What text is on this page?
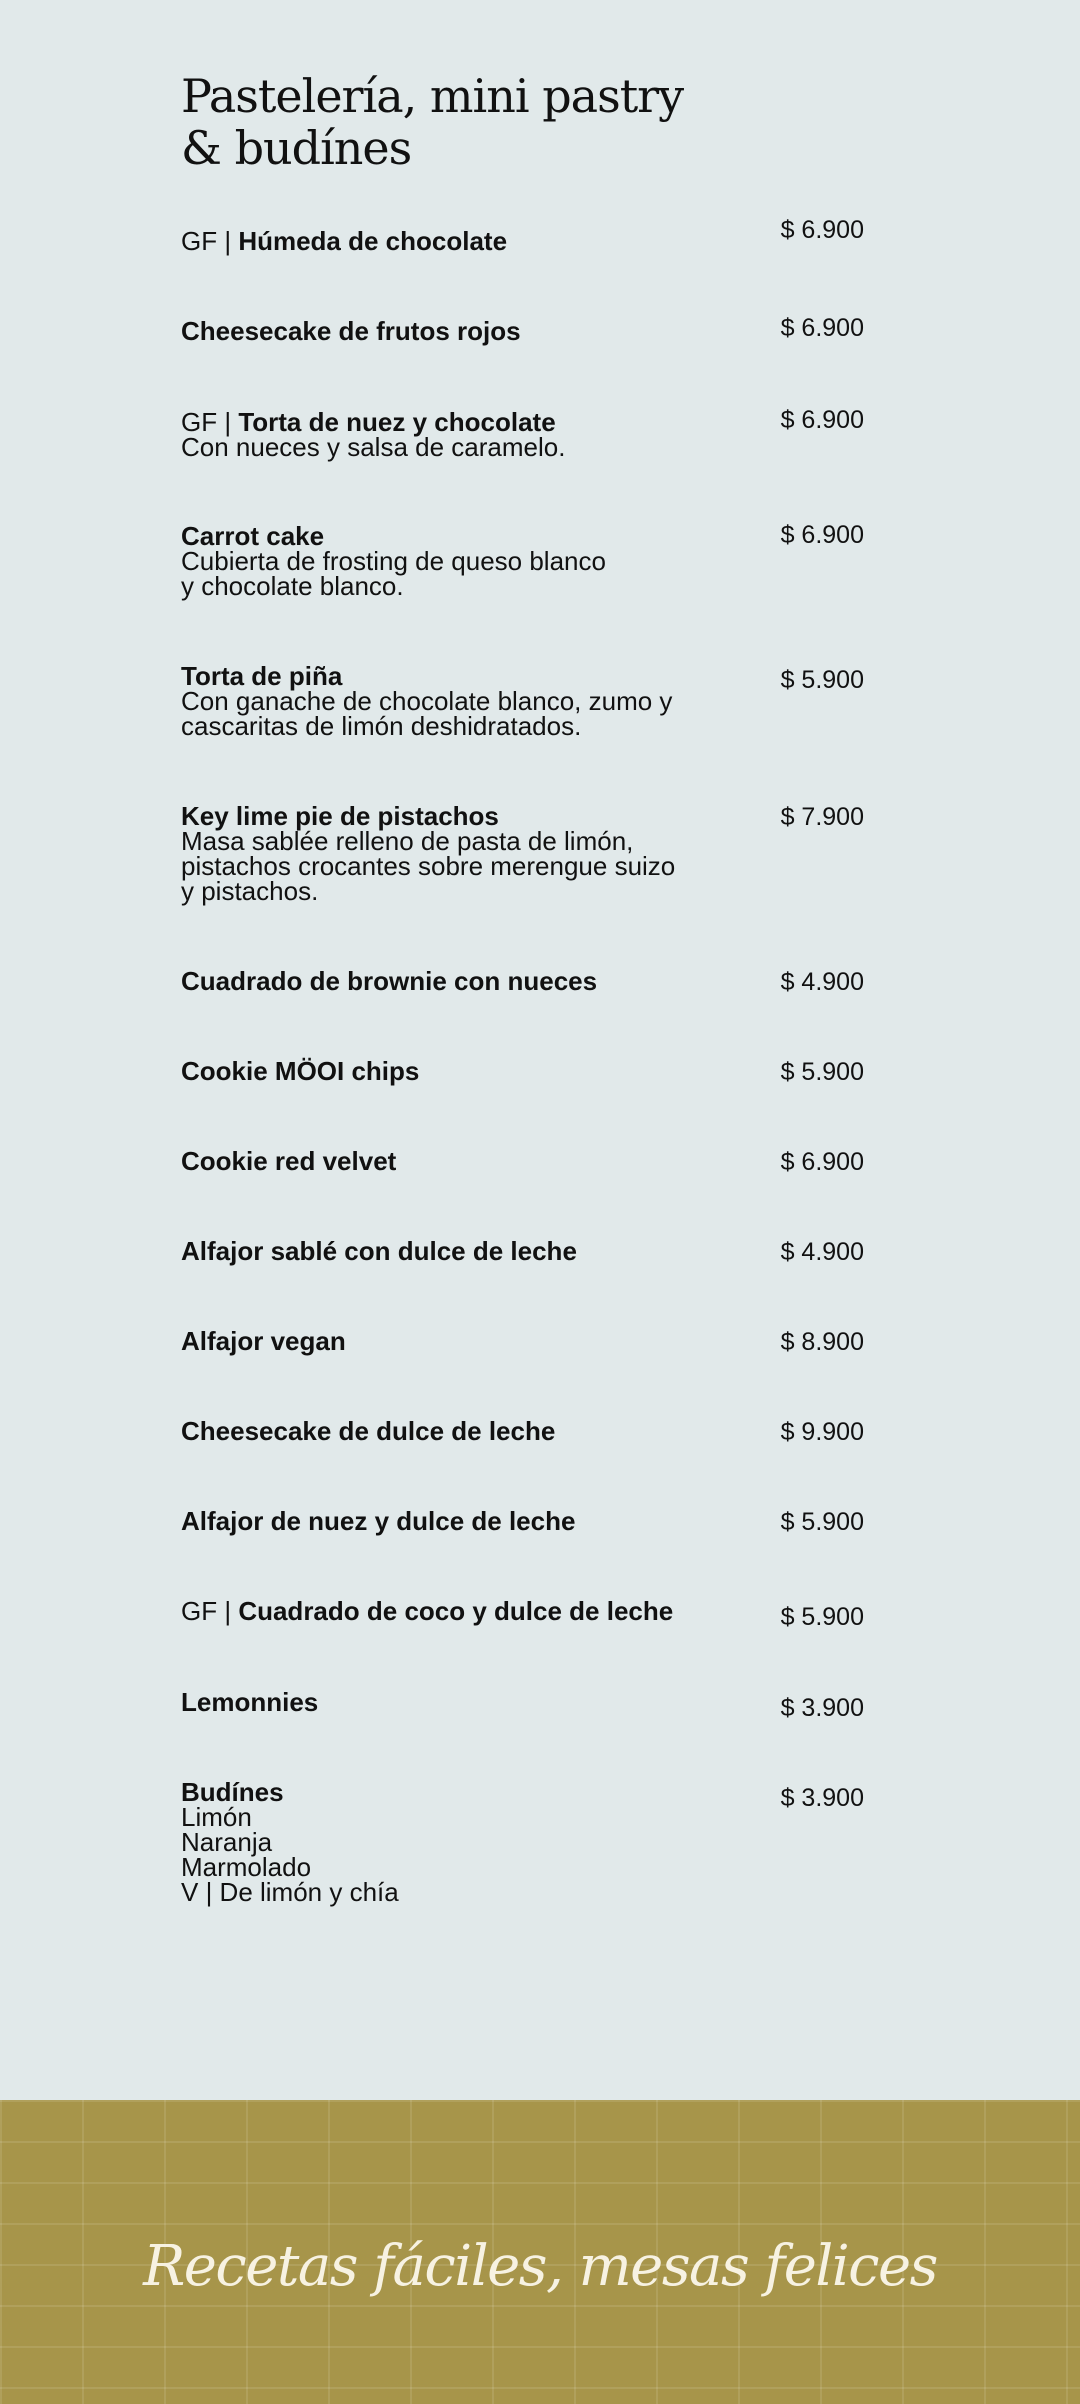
Pastelería, mini pastry
& budínes
GF | Húmeda de chocolate	$ 6.900
Cheesecake de frutos rojos	$ 6.900
GF | Torta de nuez y chocolate
Con nueces y salsa de caramelo.
$ 6.900
Carrot cake
Cubierta de frosting de queso blanco
y chocolate blanco.
$ 6.900
Torta de piña
Con ganache de chocolate blanco, zumo y
cascaritas de limón deshidratados.
$ 5.900
Key lime pie de pistachos
Masa sablée relleno de pasta de limón,
pistachos crocantes sobre merengue suizo
y pistachos.
$ 7.900
Cuadrado de brownie con nueces	$ 4.900
Cookie MÖOI chips	$ 5.900
Cookie red velvet	$ 6.900
Alfajor sablé con dulce de leche	$ 4.900
Alfajor vegan	$ 8.900
Cheesecake de dulce de leche	$ 9.900
Alfajor de nuez y dulce de leche	$ 5.900
GF | Cuadrado de coco y dulce de leche	$ 5.900
Lemonnies	$ 3.900
Budínes
Limón
Naranja
Marmolado
V | De limón y chía
$ 3.900
Recetas fáciles, mesas felices
